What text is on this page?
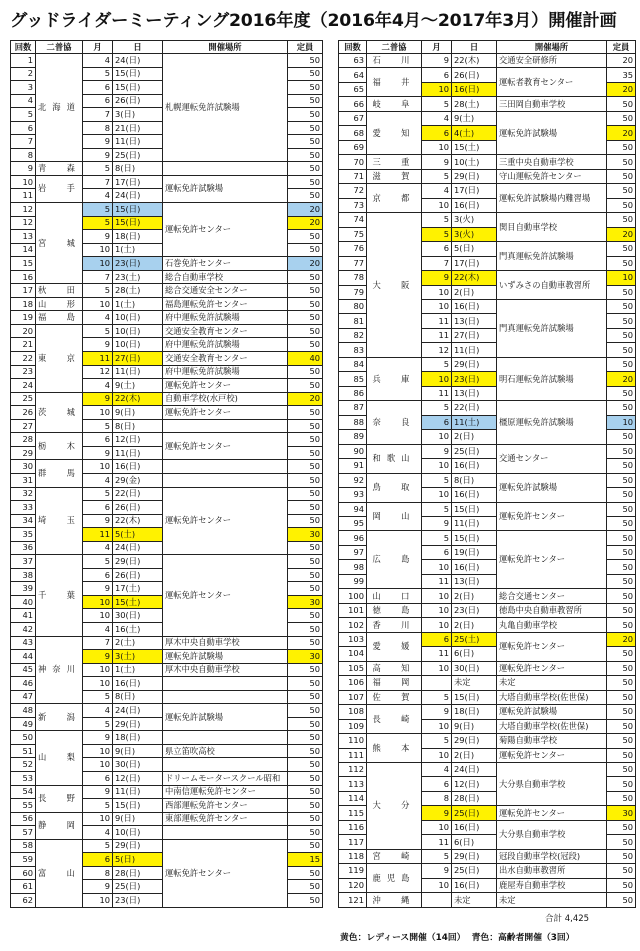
グッドライダーミーティング2016年度（2016年4月～2017年3月）開催計画
回数	二普協	月	日	開催場所	定員
1	北海道	4	24(日)	札幌運転免許試験場	50
2		5	15(日)		50
3		6	15(日)		50
4		6	26(日)		50
5		7	3(日)		50
6		8	21(日)		50
7		9	11(日)		50
8		9	25(日)		50
9	青　森	5	8(日)		50
10	岩　手	7	17(日)	運転免許試験場	50
11		4	24(日)		50
12	宮　城	5	15(日)	運転免許センター	20
12		5	15(日)		20
13		9	18(日)		50
14		10	1(土)		50
15		10	23(日)	石巻免許センター	20
16		7	23(土)	総合自動車学校	50
17	秋　田	5	28(土)	総合交通安全センター	50
18	山　形	10	1(土)	福島運転免許センター	50
19	福　島	4	10(日)	府中運転免許試験場	50
20	東　京	5	10(日)	交通安全教育センター	50
21		9	10(日)	府中運転免許試験場	50
22		11	27(日)	交通安全教育センター	40
23		12	11(日)	府中運転免許試験場	50
24		4	9(土)	運転免許センター	50
25	茨　城	9	22(木)	自動車学校(水戸校)	20
26		10	9(日)	運転免許センター	50
27		5	8(日)		50
28	栃　木	6	12(日)	運転免許センター	50
29		9	11(日)		50
30	群　馬	10	16(日)		50
31		4	29(金)		50
32	埼　玉	5	22(日)	運転免許センター	50
33		6	26(日)		50
34		9	22(木)		50
35		11	5(土)		30
36		4	24(日)		50
37	千　葉	5	29(日)	運転免許センター	50
38		6	26(日)		50
39		9	17(土)		50
40		10	15(土)		30
41		10	30(日)		50
42		4	16(土)		50
43	神奈川	7	2(土)	厚木中央自動車学校	50
44		9	3(土)	運転免許試験場	30
45		10	1(土)	厚木中央自動車学校	50
46		10	16(日)		50
47		5	8(日)		50
48	新　潟	4	24(日)	運転免許試験場	50
49		5	29(日)		50
50	山　梨	9	18(日)		50
51		10	9(日)	県立笛吹高校	50
52		10	30(日)		50
53		6	12(日)	ドリームモータースクール昭和	50
54	長　野	9	11(日)	中南信運転免許センター	50
55		5	15(日)	西部運転免許センター	50
56	静　岡	10	9(日)	東部運転免許センター	50
57		4	10(日)		50
58	富　山	5	29(日)	運転免許センター	50
59		6	5(日)		15
60		8	28(日)		50
61		9	25(日)		50
62		10	23(日)		50
回数	二普協	月	日	開催場所	定員
63	石　川	9	22(木)	交通安全研修所	20
64	福　井	6	26(日)	運転者教育センター	35
65		10	16(日)		20
66	岐　阜	5	28(土)	三田岡自動車学校	50
67	愛　知	4	9(土)	運転免許試験場	50
68		6	4(土)		20
69		10	15(土)		50
70	三　重	9	10(土)	三重中央自動車学校	50
71	滋　賀	5	29(日)	守山運転免許センター	50
72	京　都	4	17(日)	運転免許試験場内難習場	50
73		10	16(日)		50
74	大　阪	5	3(火)	関目自動車学校	50
75		5	3(火)		20
76		6	5(日)	門真運転免許試験場	50
77		7	17(日)		50
78		9	22(木)	いずみさの自動車教習所	10
79		10	2(日)		50
80		10	16(日)	門真運転免許試験場	50
81		11	13(日)		50
82		11	27(日)		50
83		12	11(日)		50
84	兵　庫	5	29(日)	明石運転免許試験場	50
85		10	23(日)		20
86		11	13(日)		50
87	奈　良	5	22(日)	橿原運転免許試験場	50
88		6	11(土)		10
89		10	2(日)		50
90	和歌山	9	25(日)	交通センター	50
91		10	16(日)		50
92	鳥　取	5	8(日)	運転免許試験場	50
93		10	16(日)		50
94	岡　山	5	15(日)	運転免許センター	50
95		9	11(日)		50
96	広　島	5	15(日)	運転免許センター	50
97		6	19(日)		50
98		10	16(日)		50
99		11	13(日)		50
100	山　口	10	2(日)	総合交通センター	50
101	徳　島	10	23(日)	徳島中央自動車教習所	50
102	香　川	10	2(日)	丸亀自動車学校	50
103	愛　媛	6	25(土)	運転免許センター	20
104		11	6(日)		50
105	高　知	10	30(日)	運転免許センター	50
106	福　岡		未定	未定	50
107	佐　賀	5	15(日)	大塔自動車学校(佐世保)	50
108	長　崎	9	18(日)	運転免許試験場	50
109		10	9(日)	大塔自動車学校(佐世保)	50
110	熊　本	5	29(日)	菊陽自動車学校	50
111		10	2(日)	運転免許センター	50
112	大　分	4	24(日)	大分県自動車学校	50
113		6	12(日)		50
114		8	28(日)		50
115		9	25(日)	運転免許センター	30
116		10	16(日)	大分県自動車学校	50
117		11	6(日)		50
118	宮　崎	5	29(日)	冠段自動車学校(冠段)	50
119	鹿児島	9	25(日)	出水自動車教習所	50
120		10	16(日)	鹿屋寿自動車学校	50
121	沖　縄		未定	未定	50
合計 4,425
黄色：レディース開催（14回） 青色：高齢者開催（3回）
